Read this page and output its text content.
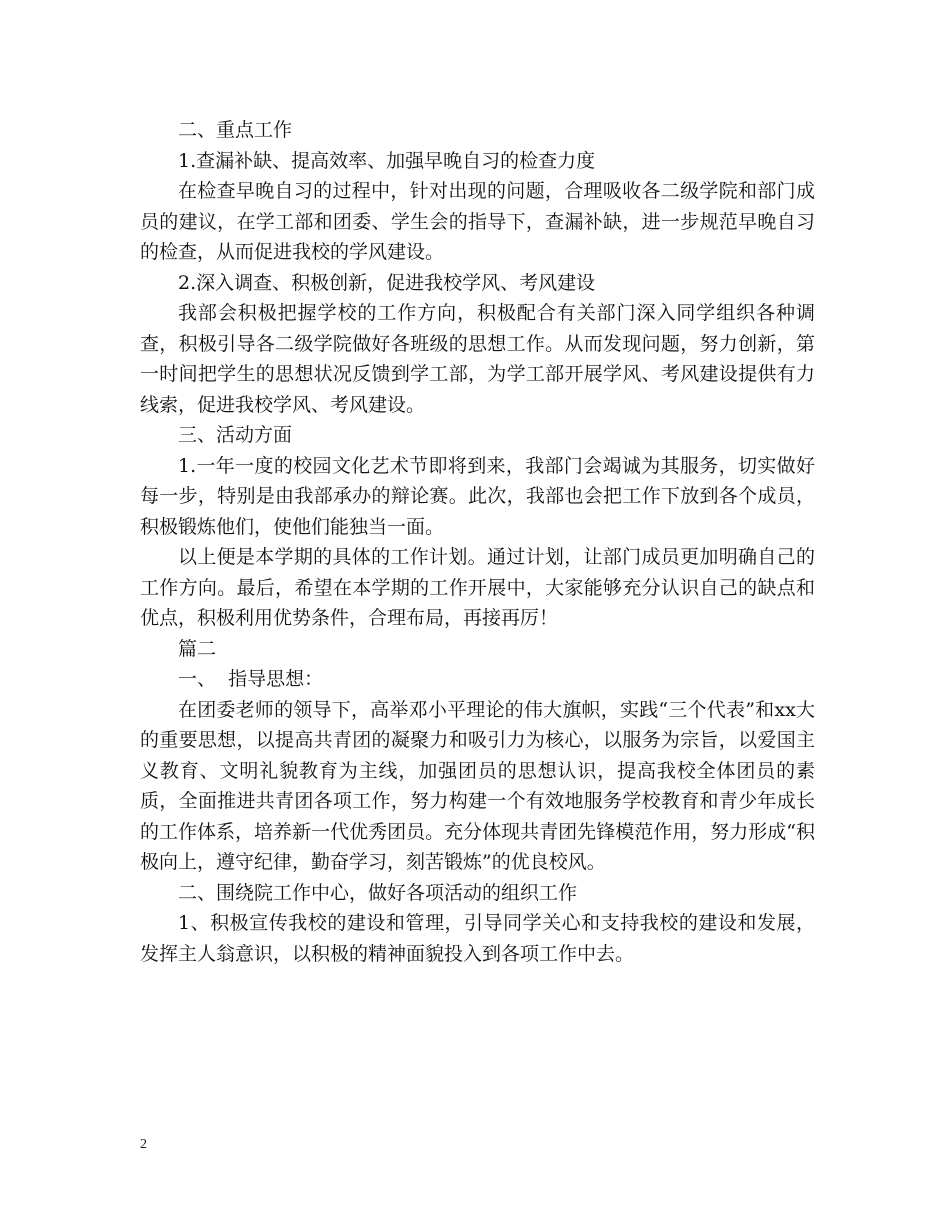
二、重点工作

1.查漏补缺、提高效率、加强早晚自习的检查力度

在检查早晚自习的过程中，针对出现的问题，合理吸收各二级学院和部门成员的建议，在学工部和团委、学生会的指导下，查漏补缺，进一步规范早晚自习的检查，从而促进我校的学风建设。

2.深入调查、积极创新，促进我校学风、考风建设

我部会积极把握学校的工作方向，积极配合有关部门深入同学组织各种调查，积极引导各二级学院做好各班级的思想工作。从而发现问题，努力创新，第一时间把学生的思想状况反馈到学工部，为学工部开展学风、考风建设提供有力线索，促进我校学风、考风建设。

三、活动方面

1.一年一度的校园文化艺术节即将到来，我部门会竭诚为其服务，切实做好每一步，特别是由我部承办的辩论赛。此次，我部也会把工作下放到各个成员，积极锻炼他们，使他们能独当一面。

以上便是本学期的具体的工作计划。通过计划，让部门成员更加明确自己的工作方向。最后，希望在本学期的工作开展中，大家能够充分认识自己的缺点和优点，积极利用优势条件，合理布局，再接再厉！

篇二

一、  指导思想：

在团委老师的领导下，高举邓小平理论的伟大旗帜，实践“三个代表”和xx大的重要思想，以提高共青团的凝聚力和吸引力为核心，以服务为宗旨，以爱国主义教育、文明礼貌教育为主线，加强团员的思想认识，提高我校全体团员的素质，全面推进共青团各项工作，努力构建一个有效地服务学校教育和青少年成长的工作体系，培养新一代优秀团员。充分体现共青团先锋模范作用，努力形成“积极向上，遵守纪律，勤奋学习，刻苦锻炼”的优良校风。

二、围绕院工作中心，做好各项活动的组织工作

1、积极宣传我校的建设和管理，引导同学关心和支持我校的建设和发展，发挥主人翁意识，以积极的精神面貌投入到各项工作中去。

2
